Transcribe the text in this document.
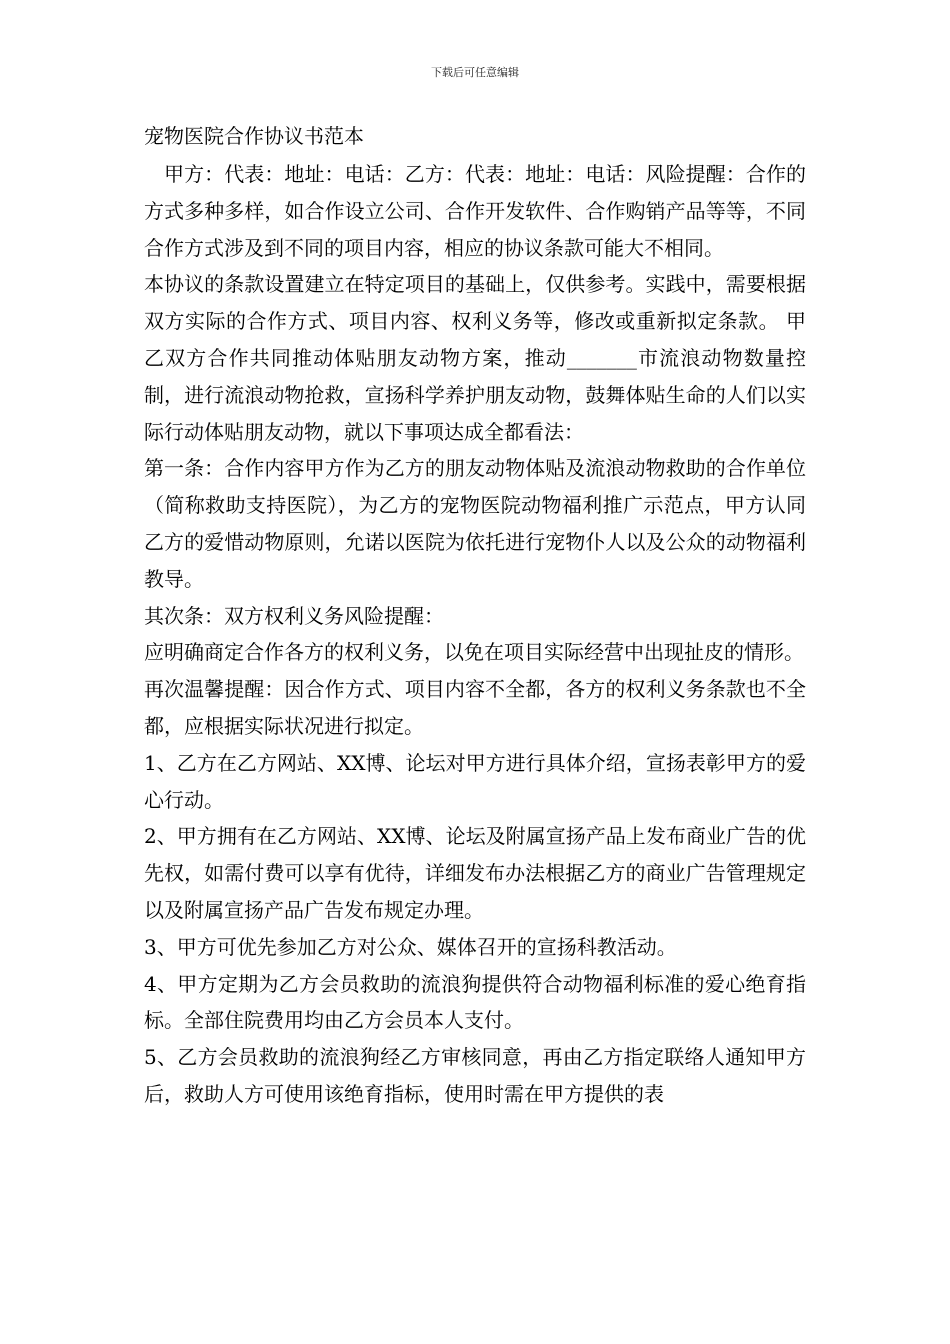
下载后可任意编辑
宠物医院合作协议书范本

　甲方：代表：地址：电话：乙方：代表：地址：电话：风险提醒：合作的方式多种多样，如合作设立公司、合作开发软件、合作购销产品等等，不同合作方式涉及到不同的项目内容，相应的协议条款可能大不相同。

本协议的条款设置建立在特定项目的基础上，仅供参考。实践中，需要根据双方实际的合作方式、项目内容、权利义务等，修改或重新拟定条款。 甲乙双方合作共同推动体贴朋友动物方案，推动_______市流浪动物数量控制，进行流浪动物抢救，宣扬科学养护朋友动物，鼓舞体贴生命的人们以实际行动体贴朋友动物，就以下事项达成全都看法：

第一条：合作内容甲方作为乙方的朋友动物体贴及流浪动物救助的合作单位（简称救助支持医院），为乙方的宠物医院动物福利推广示范点，甲方认同乙方的爱惜动物原则，允诺以医院为依托进行宠物仆人以及公众的动物福利教导。

其次条：双方权利义务风险提醒：

应明确商定合作各方的权利义务，以免在项目实际经营中出现扯皮的情形。

再次温馨提醒：因合作方式、项目内容不全都，各方的权利义务条款也不全都，应根据实际状况进行拟定。

1、乙方在乙方网站、XX博、论坛对甲方进行具体介绍，宣扬表彰甲方的爱心行动。

2、甲方拥有在乙方网站、XX博、论坛及附属宣扬产品上发布商业广告的优先权，如需付费可以享有优待，详细发布办法根据乙方的商业广告管理规定以及附属宣扬产品广告发布规定办理。

3、甲方可优先参加乙方对公众、媒体召开的宣扬科教活动。

4、甲方定期为乙方会员救助的流浪狗提供符合动物福利标准的爱心绝育指标。全部住院费用均由乙方会员本人支付。

5、乙方会员救助的流浪狗经乙方审核同意，再由乙方指定联络人通知甲方后，救助人方可使用该绝育指标，使用时需在甲方提供的表
